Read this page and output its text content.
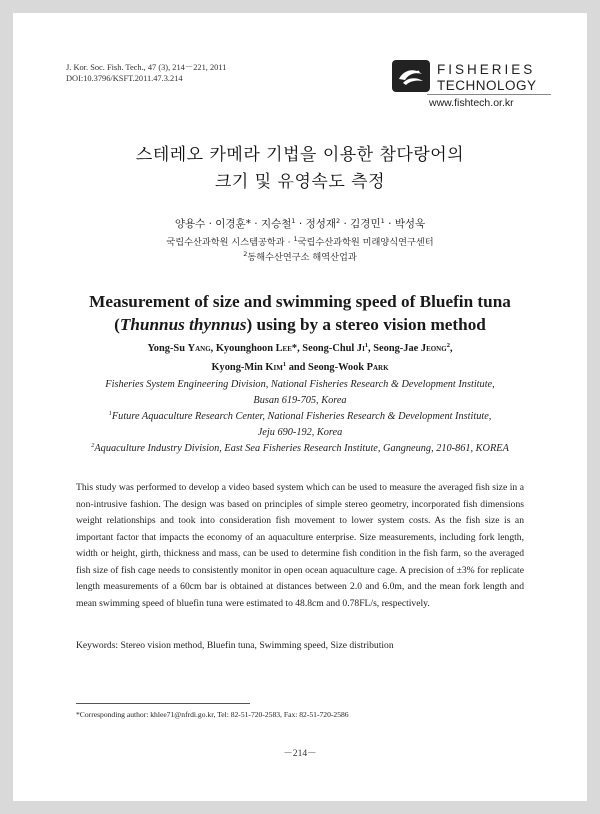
J. Kor. Soc. Fish. Tech., 47 (3), 214－221, 2011
DOI:10.3796/KSFT.2011.47.3.214
FISHERIES
TECHNOLOGY
www.fishtech.or.kr
스테레오 카메라 기법을 이용한 참다랑어의
크기 및 유영속도 측정
양용수 · 이경훈* · 지승철$^1$ · 정성재$^2$ · 김경민$^1$ · 박성욱
국립수산과학원 시스템공학과 · $^1$국립수산과학원 미래양식연구센터
$^2$동해수산연구소 해역산업과
Measurement of size and swimming speed of Bluefin tuna
(Thunnus thynnus) using by a stereo vision method
Yong-Su Yang, Kyounghoon Lee*, Seong-Chul Ji$^1$, Seong-Jae Jeong$^2$,
Kyong-Min Kim$^1$ and Seong-Wook Park
Fisheries System Engineering Division, National Fisheries Research & Development Institute,
Busan 619-705, Korea
$^1$Future Aquaculture Research Center, National Fisheries Research & Development Institute,
Jeju 690-192, Korea
$^2$Aquaculture Industry Division, East Sea Fisheries Research Institute, Gangneung, 210-861, KOREA
This study was performed to develop a video based system which can be used to measure the averaged fish size in a non-intrusive fashion. The design was based on principles of simple stereo geometry, incorporated fish dimensions weight relationships and took into consideration fish movement to lower system costs. As the fish size is an important factor that impacts the economy of an aquaculture enterprise. Size measurements, including fork length, width or height, girth, thickness and mass, can be used to determine fish condition in the fish farm, so the averaged fish size of fish cage needs to consistently monitor in open ocean aquaculture cage. A precision of ±3% for replicate length measurements of a 60cm bar is obtained at distances between 2.0 and 6.0m, and the mean fork length and mean swimming speed of bluefin tuna were estimated to 48.8cm and 0.78FL/s, respectively.
Keywords: Stereo vision method, Bluefin tuna, Swimming speed, Size distribution
*Corresponding author: khlee71@nfrdi.go.kr, Tel: 82-51-720-2583, Fax: 82-51-720-2586
－214－
